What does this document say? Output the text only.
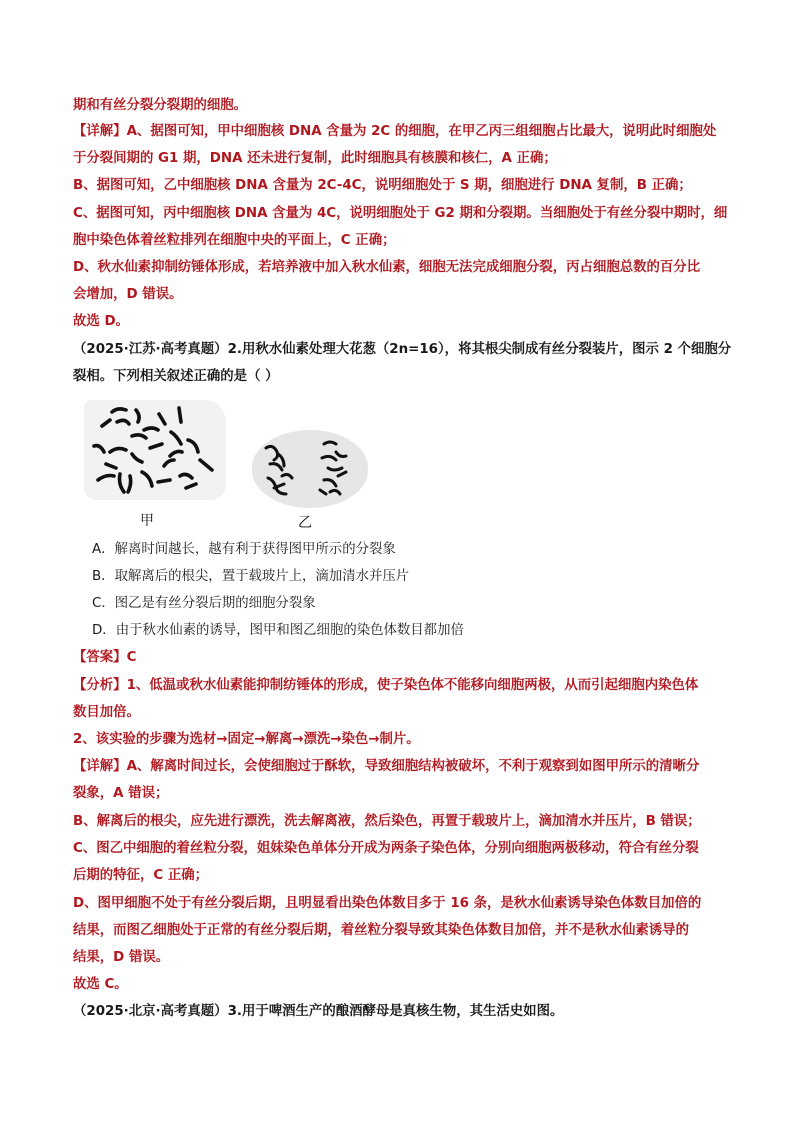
期和有丝分裂分裂期的细胞。
【详解】A、据图可知，甲中细胞核 DNA 含量为 2C 的细胞，在甲乙丙三组细胞占比最大，说明此时细胞处
于分裂间期的 G1 期，DNA 还未进行复制，此时细胞具有核膜和核仁，A 正确；
B、据图可知，乙中细胞核 DNA 含量为 2C-4C，说明细胞处于 S 期，细胞进行 DNA 复制，B 正确；
C、据图可知，丙中细胞核 DNA 含量为 4C，说明细胞处于 G2 期和分裂期。当细胞处于有丝分裂中期时，细
胞中染色体着丝粒排列在细胞中央的平面上，C 正确；
D、秋水仙素抑制纺锤体形成，若培养液中加入秋水仙素，细胞无法完成细胞分裂，丙占细胞总数的百分比
会增加，D 错误。
故选 D。
（2025·江苏·高考真题）2.用秋水仙素处理大花葱（2n=16），将其根尖制成有丝分裂装片，图示 2 个细胞分
裂相。下列相关叙述正确的是（ ）
甲	乙
A．解离时间越长，越有利于获得图甲所示的分裂象
B．取解离后的根尖，置于载玻片上，滴加清水并压片
C．图乙是有丝分裂后期的细胞分裂象
D．由于秋水仙素的诱导，图甲和图乙细胞的染色体数目都加倍
【答案】C
【分析】1、低温或秋水仙素能抑制纺锤体的形成，使子染色体不能移向细胞两极，从而引起细胞内染色体
数目加倍。
2、该实验的步骤为选材→固定→解离→漂洗→染色→制片。
【详解】A、解离时间过长，会使细胞过于酥软，导致细胞结构被破坏，不利于观察到如图甲所示的清晰分
裂象，A 错误；
B、解离后的根尖，应先进行漂洗，洗去解离液，然后染色，再置于载玻片上，滴加清水并压片，B 错误；
C、图乙中细胞的着丝粒分裂，姐妹染色单体分开成为两条子染色体，分别向细胞两极移动，符合有丝分裂
后期的特征，C 正确；
D、图甲细胞不处于有丝分裂后期，且明显看出染色体数目多于 16 条，是秋水仙素诱导染色体数目加倍的
结果，而图乙细胞处于正常的有丝分裂后期，着丝粒分裂导致其染色体数目加倍，并不是秋水仙素诱导的
结果，D 错误。
故选 C。
（2025·北京·高考真题）3.用于啤酒生产的酿酒酵母是真核生物，其生活史如图。
